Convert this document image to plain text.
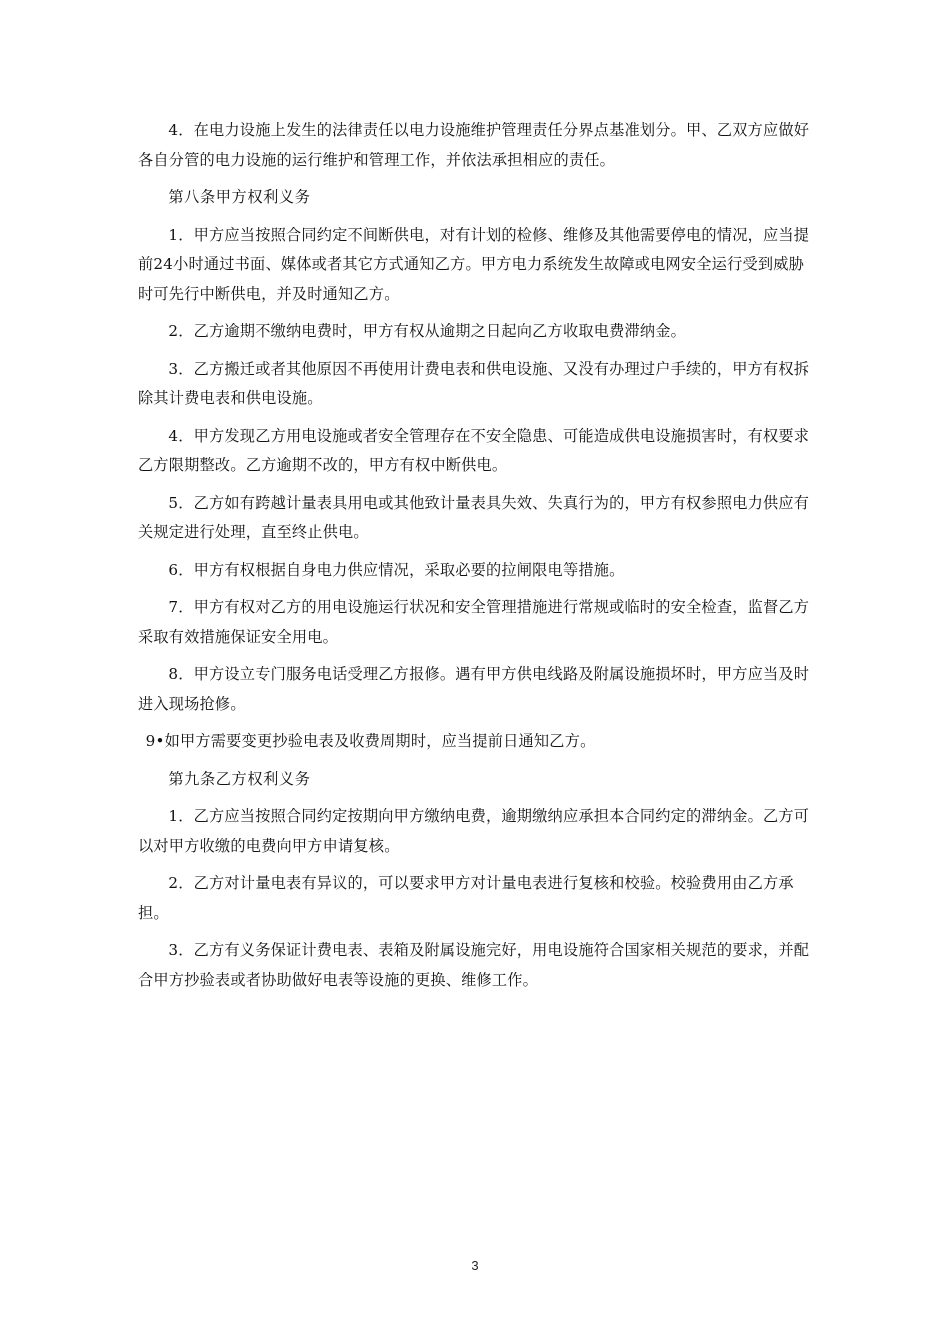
4．在电力设施上发生的法律责任以电力设施维护管理责任分界点基准划分。甲、乙双方应做好各自分管的电力设施的运行维护和管理工作，并依法承担相应的责任。

第八条甲方权利义务

1．甲方应当按照合同约定不间断供电，对有计划的检修、维修及其他需要停电的情况，应当提前24小时通过书面、媒体或者其它方式通知乙方。甲方电力系统发生故障或电网安全运行受到威胁时可先行中断供电，并及时通知乙方。

2．乙方逾期不缴纳电费时，甲方有权从逾期之日起向乙方收取电费滞纳金。

3．乙方搬迁或者其他原因不再使用计费电表和供电设施、又没有办理过户手续的，甲方有权拆除其计费电表和供电设施。

4．甲方发现乙方用电设施或者安全管理存在不安全隐患、可能造成供电设施损害时，有权要求乙方限期整改。乙方逾期不改的，甲方有权中断供电。

5．乙方如有跨越计量表具用电或其他致计量表具失效、失真行为的，甲方有权参照电力供应有关规定进行处理，直至终止供电。

6．甲方有权根据自身电力供应情况，采取必要的拉闸限电等措施。

7．甲方有权对乙方的用电设施运行状况和安全管理措施进行常规或临时的安全检查，监督乙方采取有效措施保证安全用电。

8．甲方设立专门服务电话受理乙方报修。遇有甲方供电线路及附属设施损坏时，甲方应当及时进入现场抢修。

9•如甲方需要变更抄验电表及收费周期时，应当提前日通知乙方。

第九条乙方权利义务

1．乙方应当按照合同约定按期向甲方缴纳电费，逾期缴纳应承担本合同约定的滞纳金。乙方可以对甲方收缴的电费向甲方申请复核。

2．乙方对计量电表有异议的，可以要求甲方对计量电表进行复核和校验。校验费用由乙方承担。

3．乙方有义务保证计费电表、表箱及附属设施完好，用电设施符合国家相关规范的要求，并配合甲方抄验表或者协助做好电表等设施的更换、维修工作。

3
